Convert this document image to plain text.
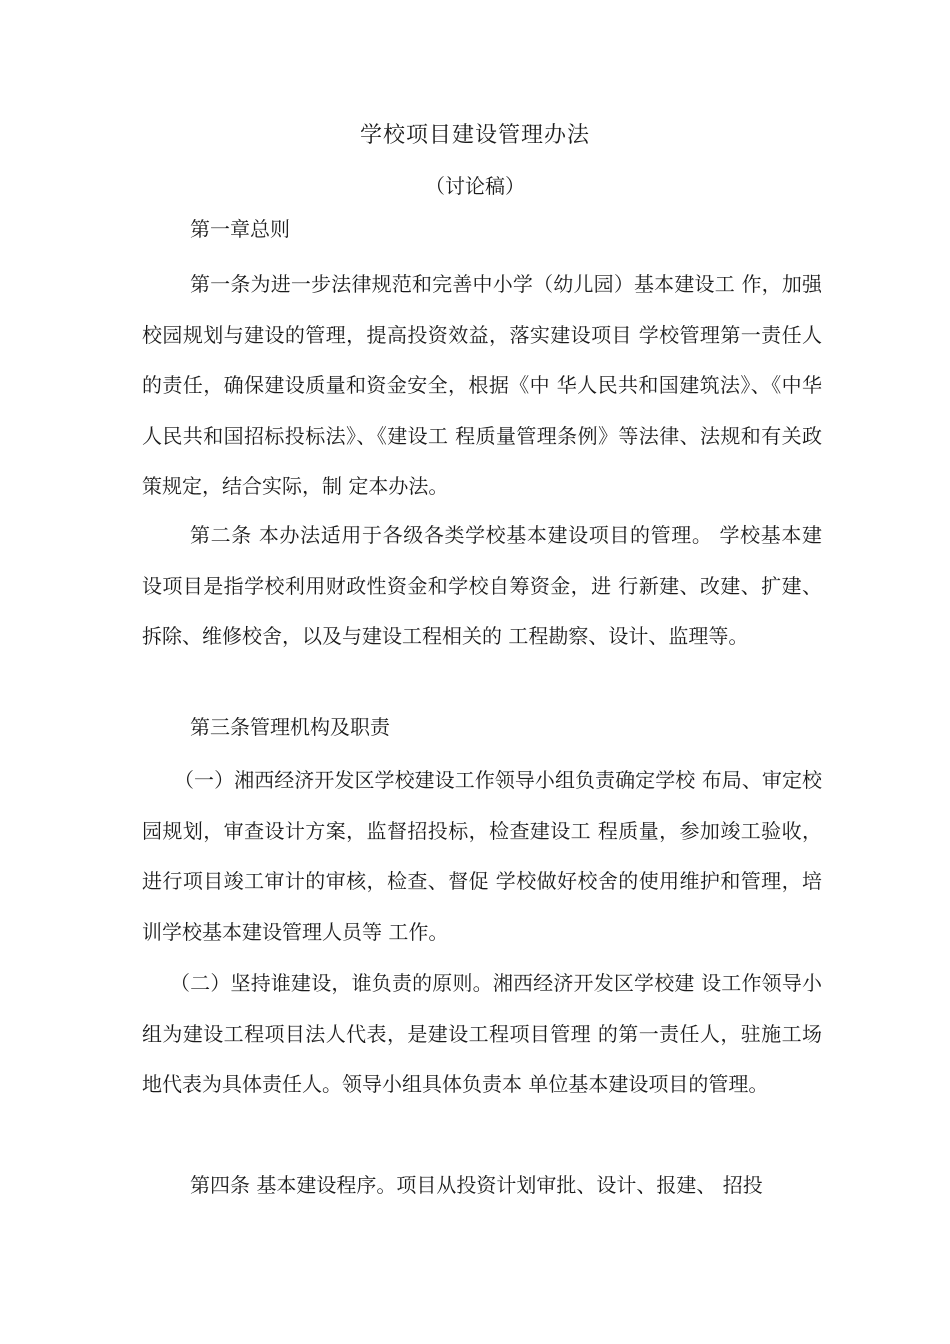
学校项目建设管理办法
（讨论稿）
第一章总则

第一条为进一步法律规范和完善中小学（幼儿园）基本建设工 作，加强校园规划与建设的管理，提高投资效益，落实建设项目 学校管理第一责任人的责任，确保建设质量和资金安全，根据《中 华人民共和国建筑法》、《中华人民共和国招标投标法》、《建设工 程质量管理条例》等法律、法规和有关政策规定，结合实际，制 定本办法。

第二条 本办法适用于各级各类学校基本建设项目的管理。 学校基本建设项目是指学校利用财政性资金和学校自筹资金，进 行新建、改建、扩建、拆除、维修校舍，以及与建设工程相关的 工程勘察、设计、监理等。

第三条管理机构及职责

（一）湘西经济开发区学校建设工作领导小组负责确定学校 布局、审定校园规划，审查设计方案，监督招投标，检查建设工 程质量，参加竣工验收，进行项目竣工审计的审核，检查、督促 学校做好校舍的使用维护和管理，培训学校基本建设管理人员等 工作。

（二）坚持谁建设，谁负责的原则。湘西经济开发区学校建 设工作领导小组为建设工程项目法人代表，是建设工程项目管理 的第一责任人，驻施工场地代表为具体责任人。领导小组具体负责本 单位基本建设项目的管理。

第四条 基本建设程序。项目从投资计划审批、设计、报建、 招投
